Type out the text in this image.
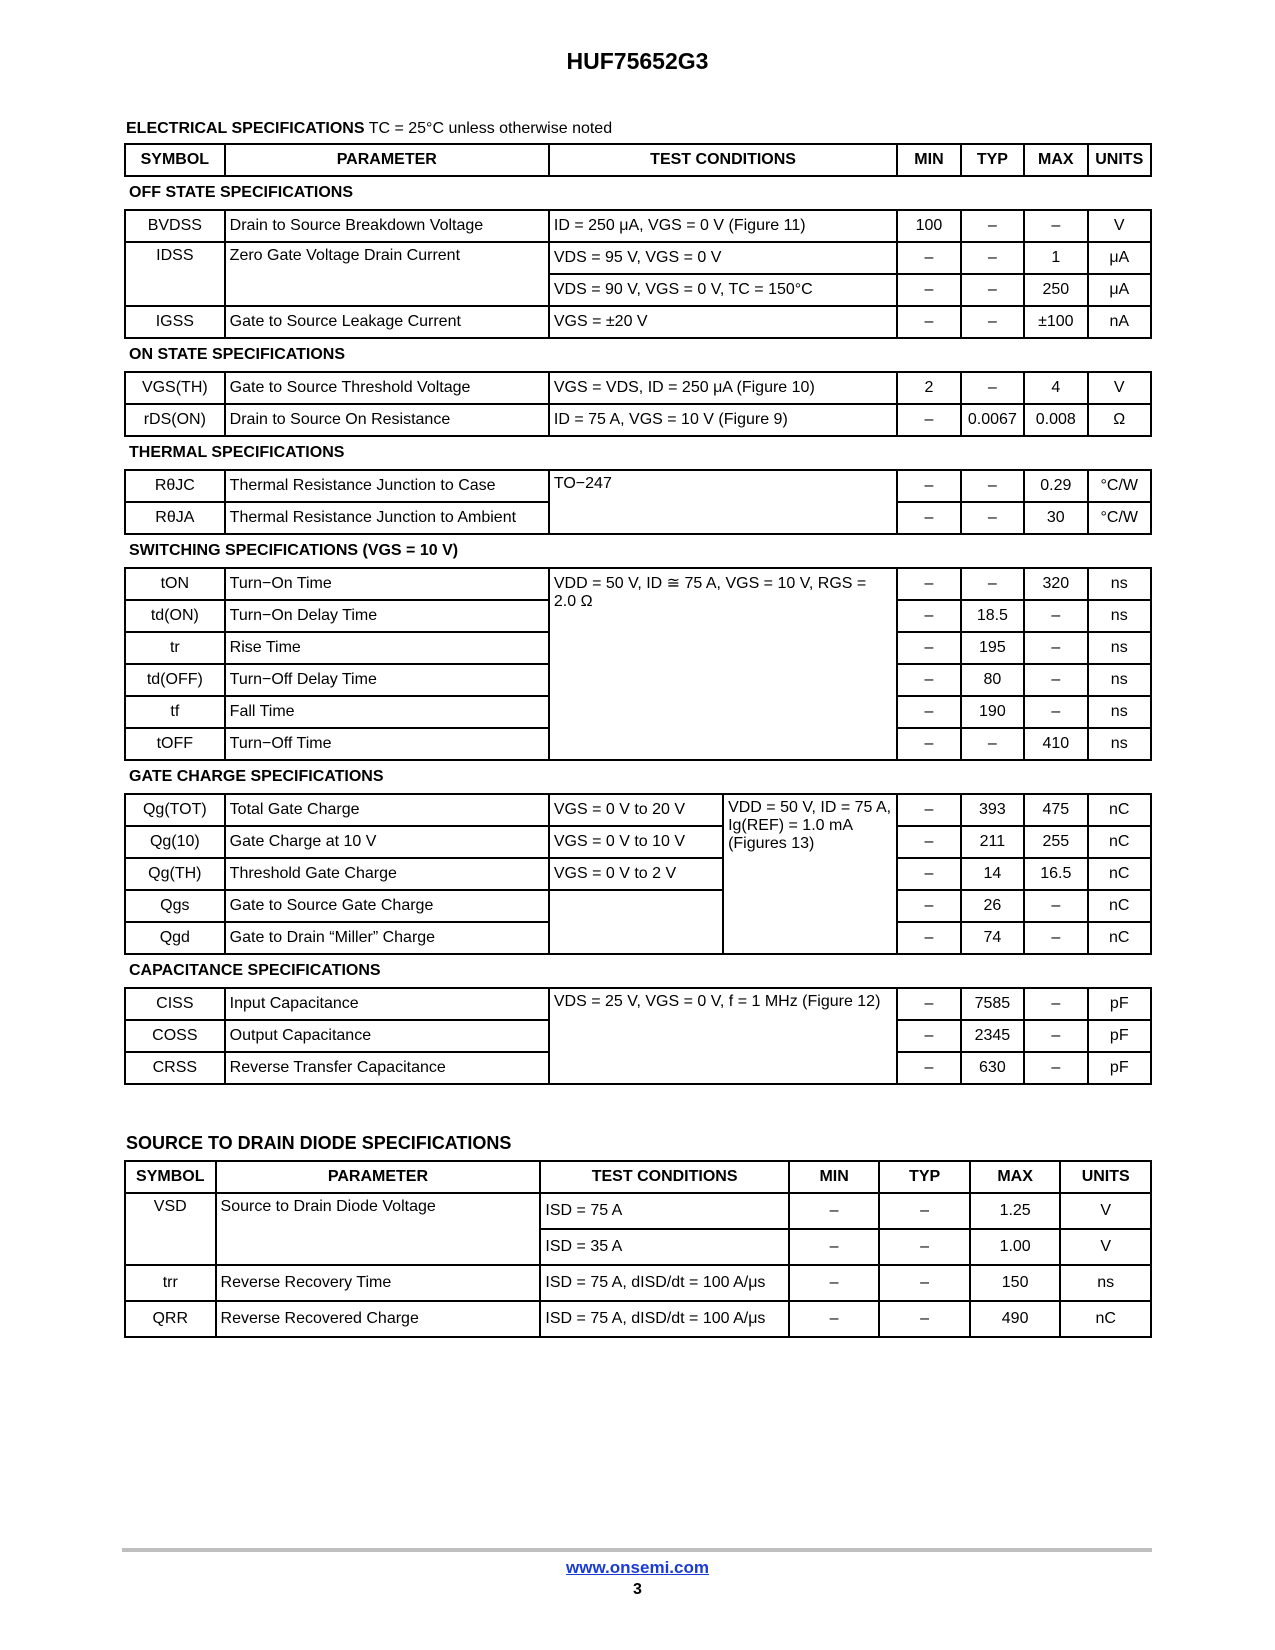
HUF75652G3
ELECTRICAL SPECIFICATIONS TC = 25°C unless otherwise noted
SYMBOL	PARAMETER	TEST CONDITIONS		MIN	TYP	MAX	UNITS
OFF STATE SPECIFICATIONS							
BVDSS	Drain to Source Breakdown Voltage	ID = 250 μA, VGS = 0 V (Figure 11)		100	–	–	V
IDSS	Zero Gate Voltage Drain Current	VDS = 95 V, VGS = 0 V		–	–	1	μA
		VDS = 90 V, VGS = 0 V, TC = 150°C		–	–	250	μA
IGSS	Gate to Source Leakage Current	VGS = ±20 V		–	–	±100	nA
ON STATE SPECIFICATIONS							
VGS(TH)	Gate to Source Threshold Voltage	VGS = VDS, ID = 250 μA (Figure 10)		2	–	4	V
rDS(ON)	Drain to Source On Resistance	ID = 75 A, VGS = 10 V (Figure 9)		–	0.0067	0.008	Ω
THERMAL SPECIFICATIONS							
RθJC	Thermal Resistance Junction to Case	TO−247		–	–	0.29	°C/W
RθJA	Thermal Resistance Junction to Ambient			–	–	30	°C/W
SWITCHING SPECIFICATIONS (VGS = 10 V)							
tON	Turn−On Time	VDD = 50 V, ID ≅ 75 A, VGS = 10 V, RGS = 2.0 Ω		–	–	320	ns
td(ON)	Turn−On Delay Time			–	18.5	–	ns
tr	Rise Time			–	195	–	ns
td(OFF)	Turn−Off Delay Time			–	80	–	ns
tf	Fall Time			–	190	–	ns
tOFF	Turn−Off Time			–	–	410	ns
GATE CHARGE SPECIFICATIONS							
Qg(TOT)	Total Gate Charge	VGS = 0 V to 20 V	VDD = 50 V, ID = 75 A, Ig(REF) = 1.0 mA (Figures 13)	–	393	475	nC
Qg(10)	Gate Charge at 10 V	VGS = 0 V to 10 V		–	211	255	nC
Qg(TH)	Threshold Gate Charge	VGS = 0 V to 2 V		–	14	16.5	nC
Qgs	Gate to Source Gate Charge			–	26	–	nC
Qgd	Gate to Drain “Miller” Charge			–	74	–	nC
CAPACITANCE SPECIFICATIONS							
CISS	Input Capacitance	VDS = 25 V, VGS = 0 V, f = 1 MHz (Figure 12)		–	7585	–	pF
COSS	Output Capacitance			–	2345	–	pF
CRSS	Reverse Transfer Capacitance			–	630	–	pF
SOURCE TO DRAIN DIODE SPECIFICATIONS
SYMBOL	PARAMETER	TEST CONDITIONS	MIN	TYP	MAX	UNITS
VSD	Source to Drain Diode Voltage	ISD = 75 A	–	–	1.25	V
		ISD = 35 A	–	–	1.00	V
trr	Reverse Recovery Time	ISD = 75 A, dISD/dt = 100 A/μs	–	–	150	ns
QRR	Reverse Recovered Charge	ISD = 75 A, dISD/dt = 100 A/μs	–	–	490	nC
www.onsemi.com
3
